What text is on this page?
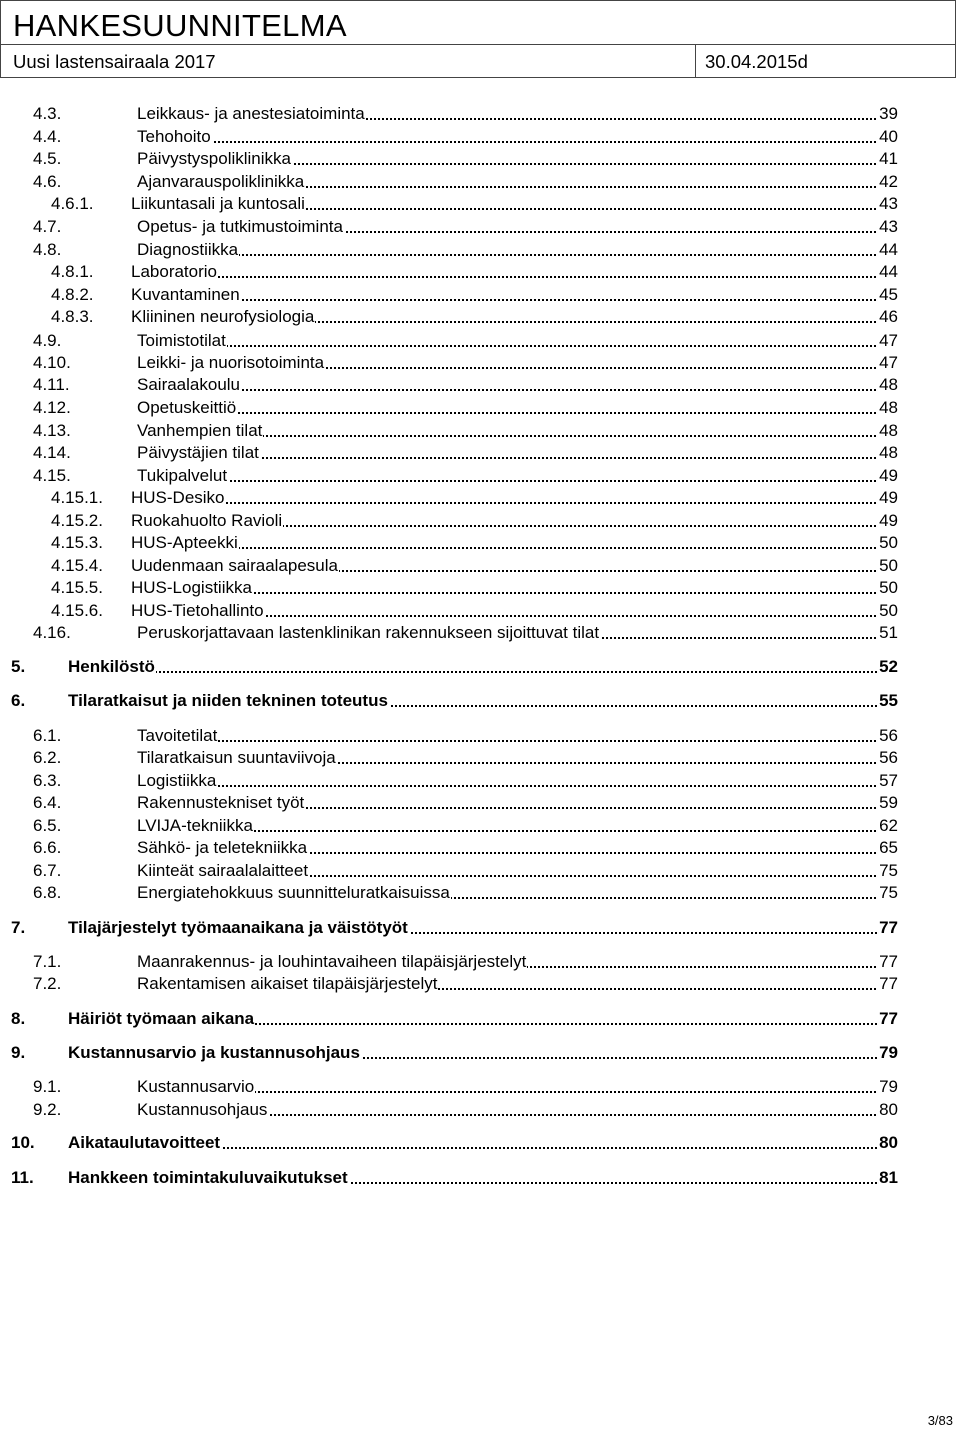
HANKESUUNNITELMA
Uusi lastensairaala 2017	30.04.2015d
4.3.	Leikkaus- ja anestesiatoiminta	39
4.4.	Tehohoito	40
4.5.	Päivystyspoliklinikka	41
4.6.	Ajanvarauspoliklinikka	42
4.6.1. Liikuntasali ja kuntosali	43
4.7.	Opetus- ja tutkimustoiminta	43
4.8.	Diagnostiikka	44
4.8.1. Laboratorio	44
4.8.2. Kuvantaminen	45
4.8.3. Kliininen neurofysiologia	46
4.9.	Toimistotilat	47
4.10.	Leikki- ja nuorisotoiminta	47
4.11.	Sairaalakoulu	48
4.12.	Opetuskeittiö	48
4.13.	Vanhempien tilat	48
4.14.	Päivystäjien tilat	48
4.15.	Tukipalvelut	49
4.15.1. HUS-Desiko	49
4.15.2. Ruokahuolto Ravioli	49
4.15.3. HUS-Apteekki	50
4.15.4. Uudenmaan sairaalapesula	50
4.15.5. HUS-Logistiikka	50
4.15.6. HUS-Tietohallinto	50
4.16.	Peruskorjattavaan lastenklinikan rakennukseen sijoittuvat tilat	51
5.	Henkilöstö	52
6.	Tilaratkaisut ja niiden tekninen toteutus	55
6.1.	Tavoitetilat	56
6.2.	Tilaratkaisun suuntaviivoja	56
6.3.	Logistiikka	57
6.4.	Rakennustekniset työt	59
6.5.	LVIJA-tekniikka	62
6.6.	Sähkö- ja teletekniikka	65
6.7.	Kiinteät sairaalalaitteet	75
6.8.	Energiatehokkuus suunnitteluratkaisuissa	75
7.	Tilajärjestelyt työmaanaikana ja väistötyöt	77
7.1.	Maanrakennus- ja louhintavaiheen tilapäisjärjestelyt	77
7.2.	Rakentamisen aikaiset tilapäisjärjestelyt	77
8.	Häiriöt työmaan aikana	77
9.	Kustannusarvio ja kustannusohjaus	79
9.1.	Kustannusarvio	79
9.2.	Kustannusohjaus	80
10. Aikataulutavoitteet	80
11. Hankkeen toimintakuluvaikutukset	81
3/83
